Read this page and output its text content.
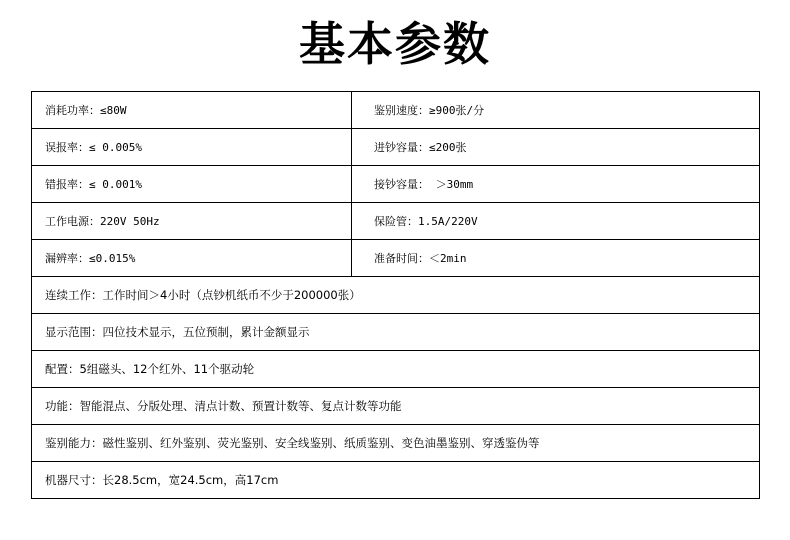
基本参数
消耗功率：≤80W	鉴别速度：≥900张/分
误报率：≤ 0.005%	进钞容量：≤200张
错报率：≤ 0.001%	接钞容量： ＞30mm
工作电源：220V 50Hz	保险管：1.5A/220V
漏辨率：≤0.015%	准备时间：＜2min
连续工作：工作时间＞4小时（点钞机纸币不少于200000张）	
显示范围：四位技术显示，五位预制，累计金额显示	
配置：5组磁头、12个红外、11个驱动轮	
功能：智能混点、分版处理、清点计数、预置计数等、复点计数等功能	
鉴别能力：磁性鉴别、红外鉴别、荧光鉴别、安全线鉴别、纸质鉴别、变色油墨鉴别、穿透鉴伪等	
机器尺寸：长28.5cm，宽24.5cm，高17cm	
